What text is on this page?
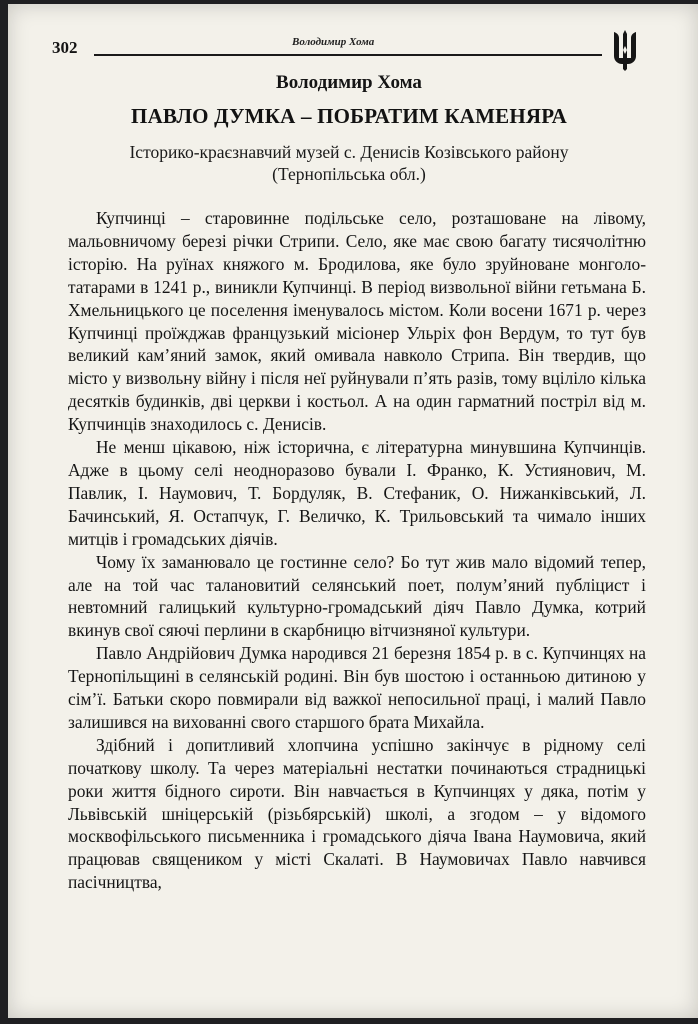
302	Володимир Хома
Володимир Хома
ПАВЛО ДУМКА – ПОБРАТИМ КАМЕНЯРА
Історико-краєзнавчий музей с. Денисів Козівського району
(Тернопільська обл.)

Купчинці – старовинне подільське село, розташоване на лівому, мальовничому березі річки Стрипи. Село, яке має свою багату тисячолітню історію. На руїнах княжого м. Бродилова, яке було зруйноване монголо-татарами в 1241 р., виникли Купчинці. В період визвольної війни гетьмана Б. Хмельницького це поселення іменувалось містом. Коли восени 1671 р. через Купчинці проїжджав французький місіонер Ульріх фон Вердум, то тут був великий кам’яний замок, який омивала навколо Стрипа. Він твердив, що місто у визвольну війну і після неї руйнували п’ять разів, тому вціліло кілька десятків будинків, дві церкви і костьол. А на один гарматний постріл від м. Купчинців знаходилось с. Денисів.

Не менш цікавою, ніж історична, є літературна минувшина Купчинців. Адже в цьому селі неодноразово бували І. Франко, К. Устиянович, М. Павлик, І. Наумович, Т. Бордуляк, В. Стефаник, О. Нижанківський, Л. Бачинський, Я. Остапчук, Г. Величко, К. Трильовський та чимало інших митців і громадських діячів.

Чому їх заманювало це гостинне село? Бо тут жив мало відомий тепер, але на той час талановитий селянський поет, полум’яний публіцист і невтомний галицький культурно-громадський діяч Павло Думка, котрий вкинув свої сяючі перлини в скарбницю вітчизняної культури.

Павло Андрійович Думка народився 21 березня 1854 р. в с. Купчинцях на Тернопільщині в селянській родині. Він був шостою і останньою дитиною у сім’ї. Батьки скоро повмирали від важкої непосильної праці, і малий Павло залишився на вихованні свого старшого брата Михайла.

Здібний і допитливий хлопчина успішно закінчує в рідному селі початкову школу. Та через матеріальні нестатки починаються страдницькі роки життя бідного сироти. Він навчається в Купчинцях у дяка, потім у Львівській шніцерській (різьбярській) школі, а згодом – у відомого москвофільського письменника і громадського діяча Івана Наумовича, який працював священиком у місті Скалаті. В Наумовичах Павло навчився пасічництва,
